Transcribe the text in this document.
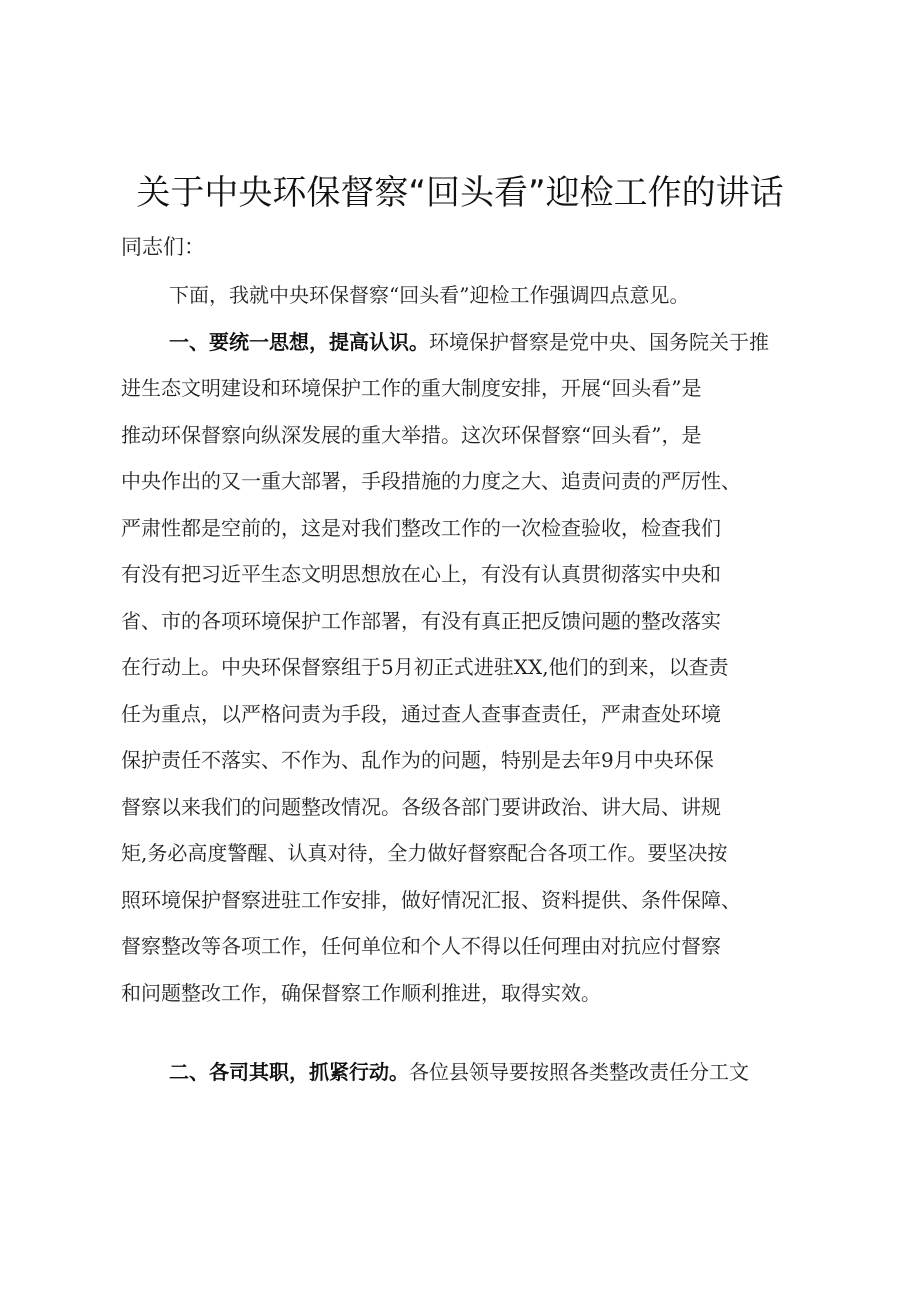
关于中央环保督察“回头看”迎检工作的讲话
同志们：
下面，我就中央环保督察“回头看”迎检工作强调四点意见。
一、要统一思想，提高认识。环境保护督察是党中央、国务院关于推
进生态文明建设和环境保护工作的重大制度安排，开展“回头看”是
推动环保督察向纵深发展的重大举措。这次环保督察“回头看”，是
中央作出的又一重大部署，手段措施的力度之大、追责问责的严厉性、
严肃性都是空前的，这是对我们整改工作的一次检查验收，检查我们
有没有把习近平生态文明思想放在心上，有没有认真贯彻落实中央和
省、市的各项环境保护工作部署，有没有真正把反馈问题的整改落实
在行动上。中央环保督察组于5月初正式进驻XX,他们的到来，以查责
任为重点，以严格问责为手段，通过查人查事查责任，严肃查处环境
保护责任不落实、不作为、乱作为的问题，特别是去年9月中央环保
督察以来我们的问题整改情况。各级各部门要讲政治、讲大局、讲规
矩,务必高度警醒、认真对待，全力做好督察配合各项工作。要坚决按
照环境保护督察进驻工作安排，做好情况汇报、资料提供、条件保障、
督察整改等各项工作，任何单位和个人不得以任何理由对抗应付督察
和问题整改工作，确保督察工作顺利推进，取得实效。
二、各司其职，抓紧行动。各位县领导要按照各类整改责任分工文
